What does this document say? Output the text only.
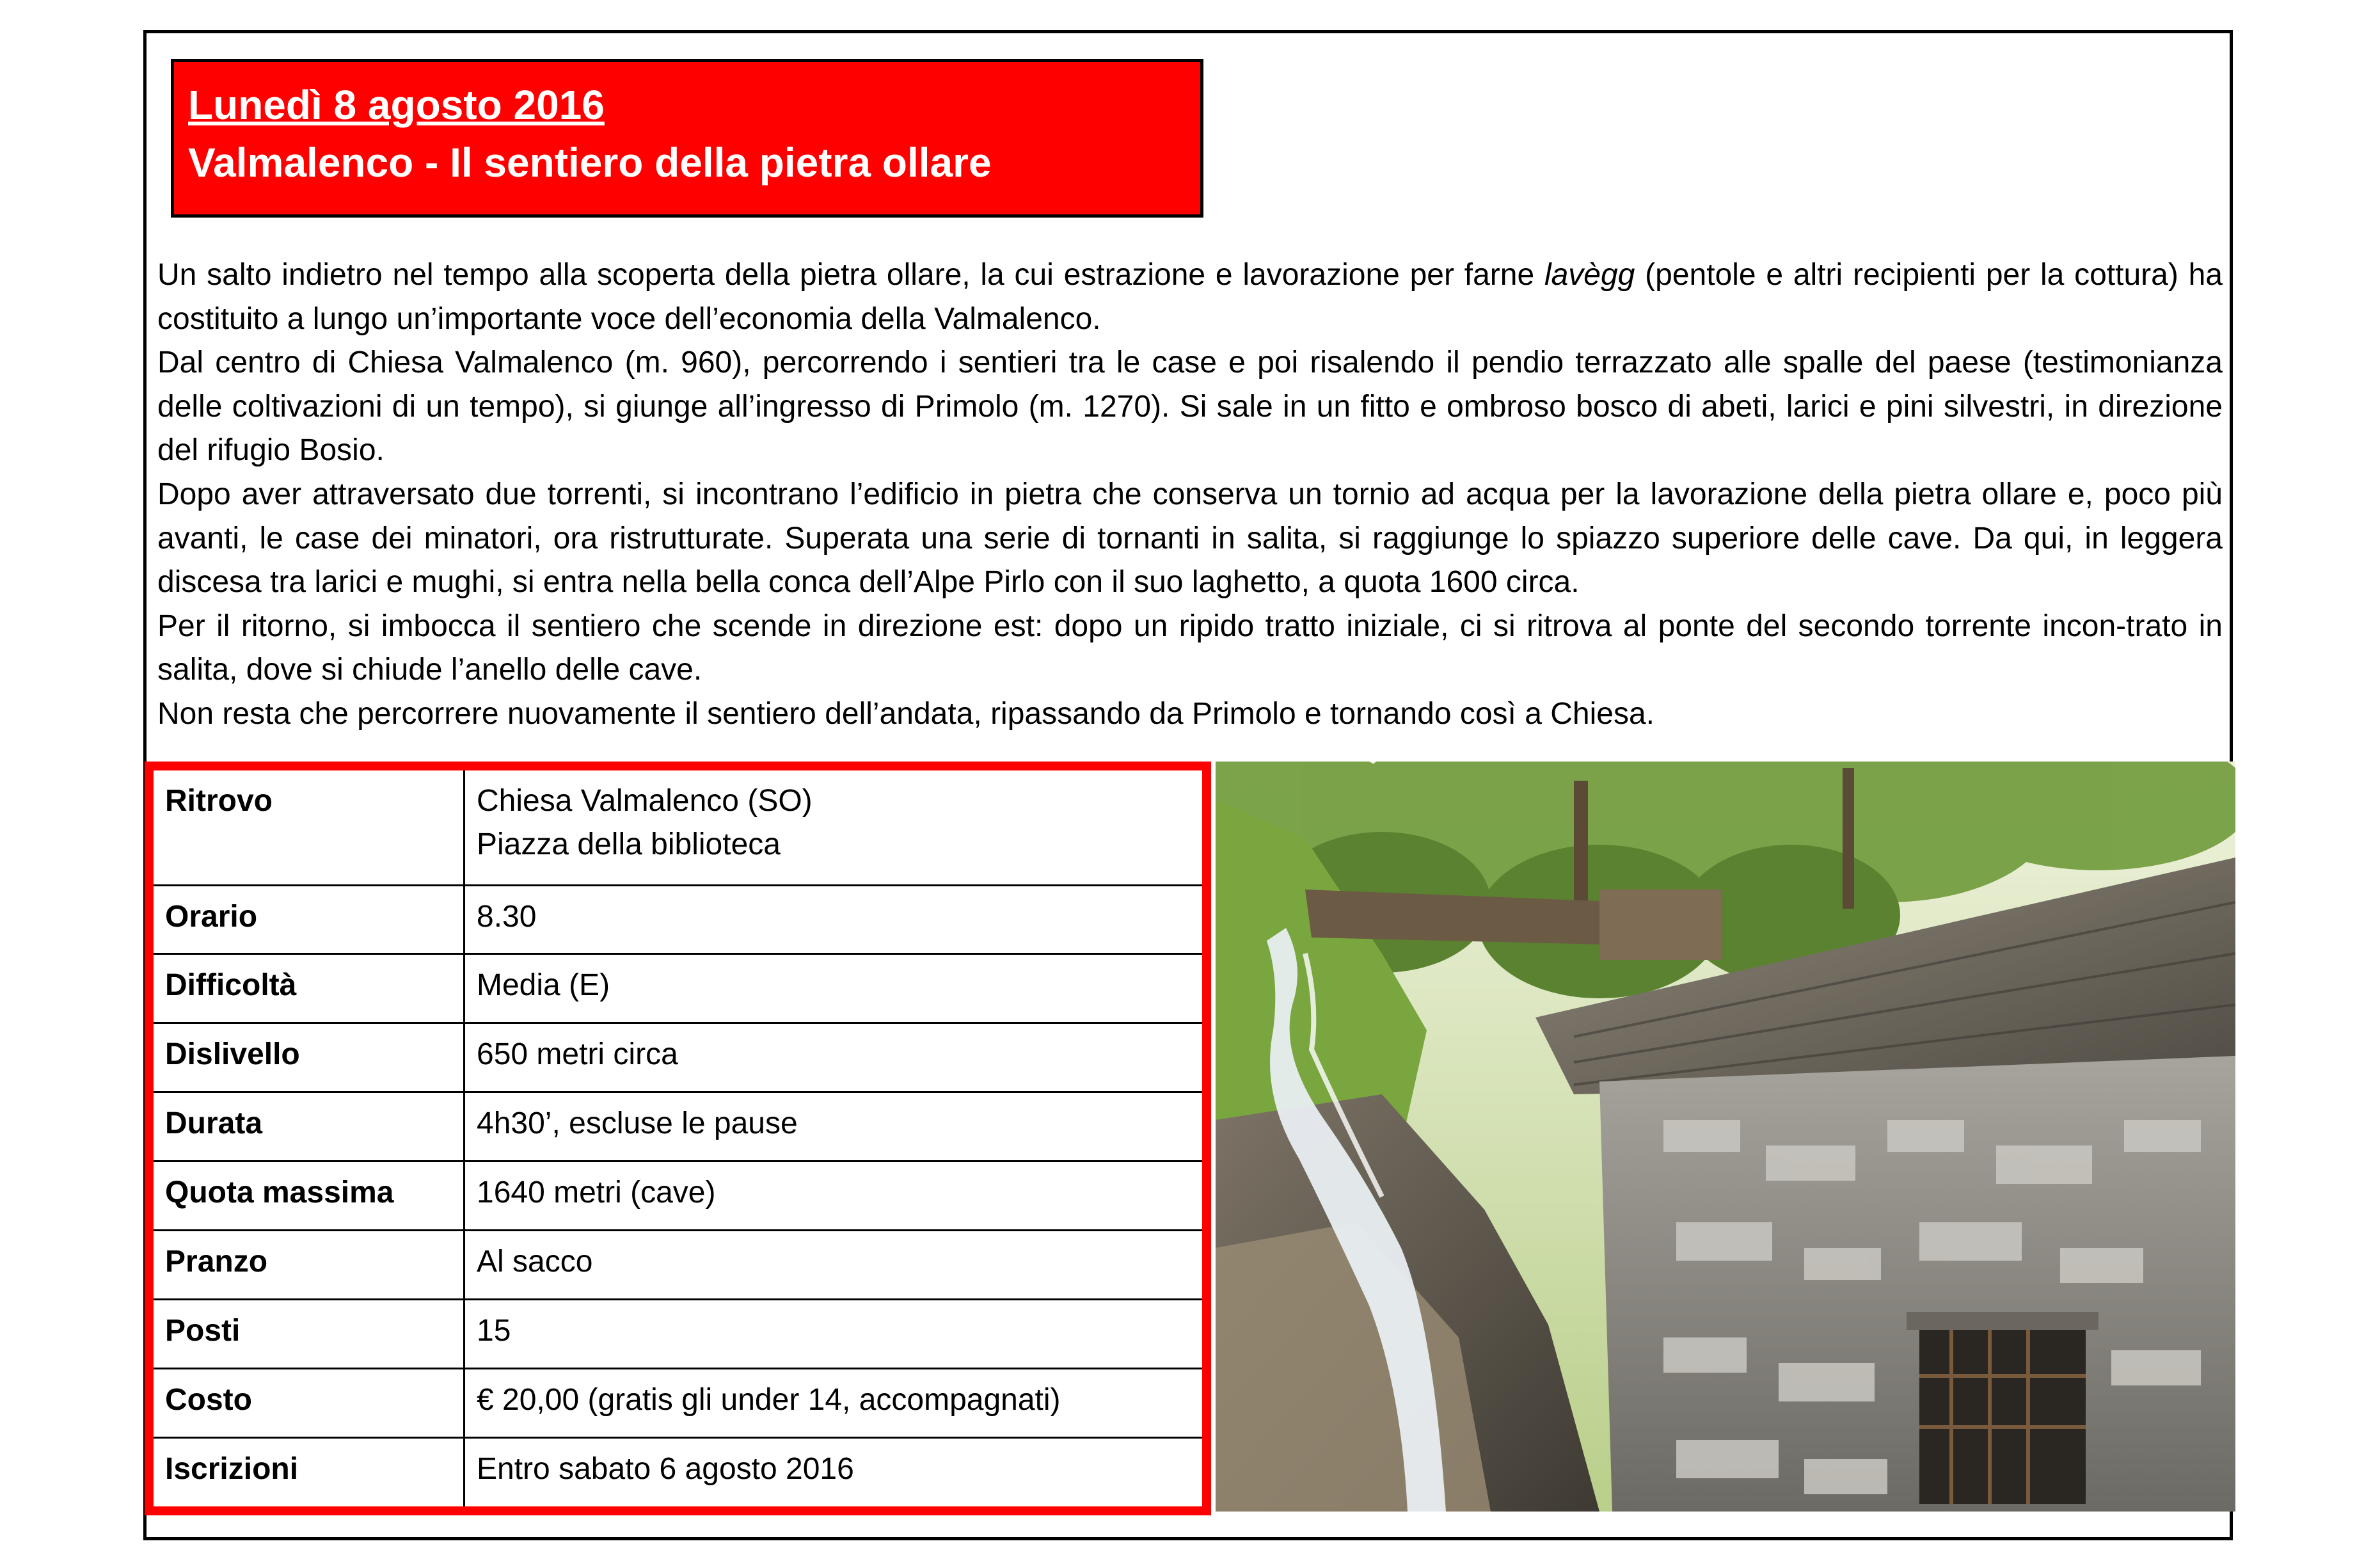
Lunedì 8 agosto 2016
Valmalenco - Il sentiero della pietra ollare

Un salto indietro nel tempo alla scoperta della pietra ollare, la cui estrazione e lavorazione per farne lavègg (pentole e altri recipienti per la cottura) ha costituito a lungo un’importante voce dell’economia della Valmalenco.

Dal centro di Chiesa Valmalenco (m. 960), percorrendo i sentieri tra le case e poi risalendo il pendio terrazzato alle spalle del paese (testimonianza delle coltivazioni di un tempo), si giunge all’ingresso di Primolo (m. 1270). Si sale in un fitto e ombroso bosco di abeti, larici e pini silvestri, in direzione del rifugio Bosio.

Dopo aver attraversato due torrenti, si incontrano l’edificio in pietra che conserva un tornio ad acqua per la lavorazione della pietra ollare e, poco più avanti, le case dei minatori, ora ristrutturate. Superata una serie di tornanti in salita, si raggiunge lo spiazzo superiore delle cave. Da qui, in leggera discesa tra larici e mughi, si entra nella bella conca dell’Alpe Pirlo con il suo laghetto, a quota 1600 circa.

Per il ritorno, si imbocca il sentiero che scende in direzione est: dopo un ripido tratto iniziale, ci si ritrova al ponte del secondo torrente incon-trato in salita, dove si chiude l’anello delle cave.

Non resta che percorrere nuovamente il sentiero dell’andata, ripassando da Primolo e tornando così a Chiesa.

Ritrovo	Chiesa Valmalenco (SO)
Piazza della biblioteca

Orario	8.30
Difficoltà	Media (E)
Dislivello	650 metri circa
Durata	4h30’, escluse le pause
Quota massima	1640 metri (cave)
Pranzo	Al sacco
Posti	15
Costo	€ 20,00 (gratis gli under 14, accompagnati)
Iscrizioni	Entro sabato 6 agosto 2016
